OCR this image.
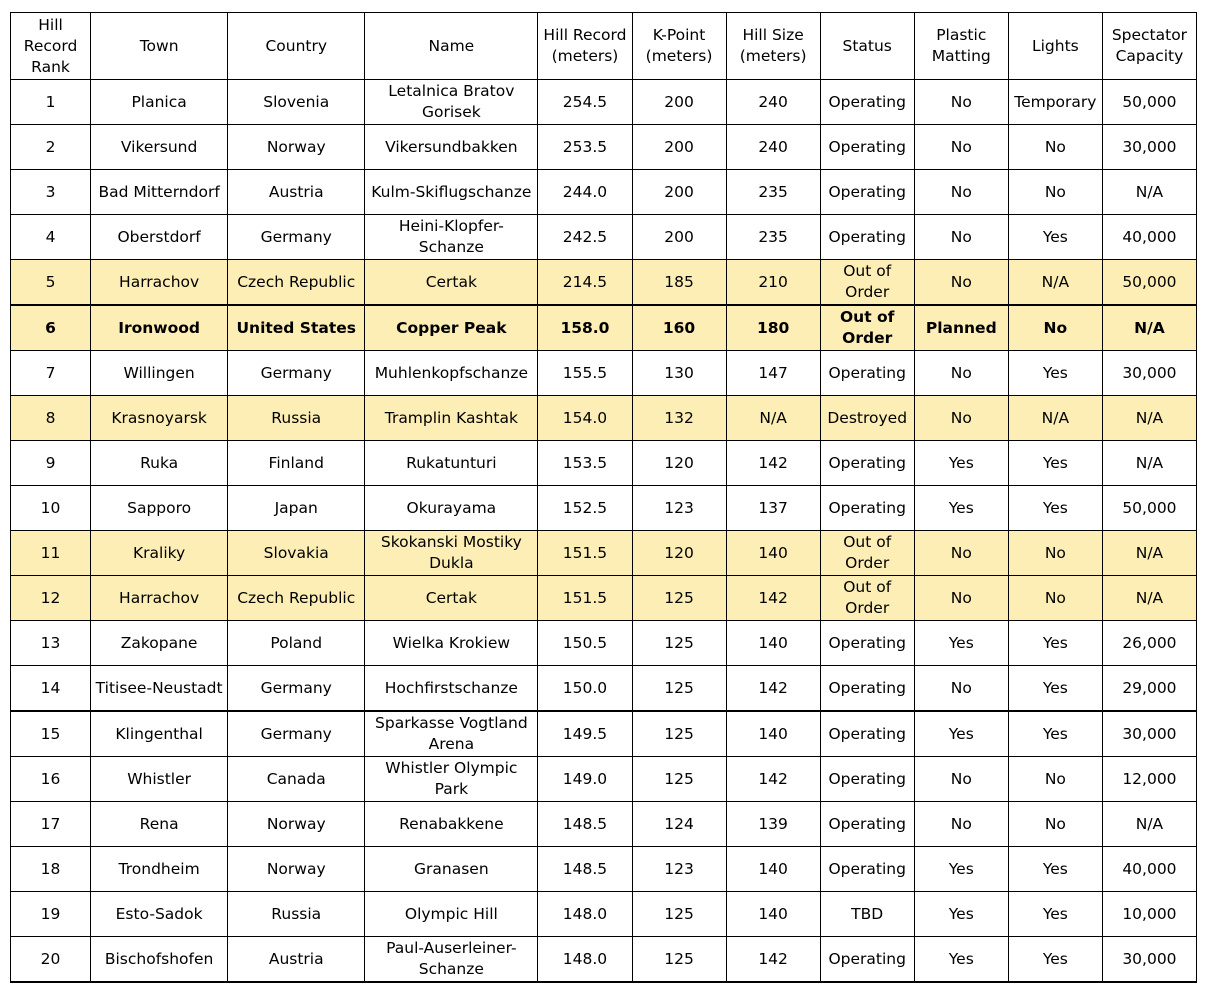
Hill Record Rank	Town	Country	Name	Hill Record (meters)	K-Point (meters)	Hill Size (meters)	Status	Plastic Matting	Lights	Spectator Capacity
1	Planica	Slovenia	Letalnica Bratov Gorisek	254.5	200	240	Operating	No	Temporary	50,000
2	Vikersund	Norway	Vikersundbakken	253.5	200	240	Operating	No	No	30,000
3	Bad Mitterndorf	Austria	Kulm-Skiflugschanze	244.0	200	235	Operating	No	No	N/A
4	Oberstdorf	Germany	Heini-Klopfer-Schanze	242.5	200	235	Operating	No	Yes	40,000
5	Harrachov	Czech Republic	Certak	214.5	185	210	Out of Order	No	N/A	50,000
6	Ironwood	United States	Copper Peak	158.0	160	180	Out of Order	Planned	No	N/A
7	Willingen	Germany	Muhlenkopfschanze	155.5	130	147	Operating	No	Yes	30,000
8	Krasnoyarsk	Russia	Tramplin Kashtak	154.0	132	N/A	Destroyed	No	N/A	N/A
9	Ruka	Finland	Rukatunturi	153.5	120	142	Operating	Yes	Yes	N/A
10	Sapporo	Japan	Okurayama	152.5	123	137	Operating	Yes	Yes	50,000
11	Kraliky	Slovakia	Skokanski Mostiky Dukla	151.5	120	140	Out of Order	No	No	N/A
12	Harrachov	Czech Republic	Certak	151.5	125	142	Out of Order	No	No	N/A
13	Zakopane	Poland	Wielka Krokiew	150.5	125	140	Operating	Yes	Yes	26,000
14	Titisee-Neustadt	Germany	Hochfirstschanze	150.0	125	142	Operating	No	Yes	29,000
15	Klingenthal	Germany	Sparkasse Vogtland Arena	149.5	125	140	Operating	Yes	Yes	30,000
16	Whistler	Canada	Whistler Olympic Park	149.0	125	142	Operating	No	No	12,000
17	Rena	Norway	Renabakkene	148.5	124	139	Operating	No	No	N/A
18	Trondheim	Norway	Granasen	148.5	123	140	Operating	Yes	Yes	40,000
19	Esto-Sadok	Russia	Olympic Hill	148.0	125	140	TBD	Yes	Yes	10,000
20	Bischofshofen	Austria	Paul-Auserleiner-Schanze	148.0	125	142	Operating	Yes	Yes	30,000
